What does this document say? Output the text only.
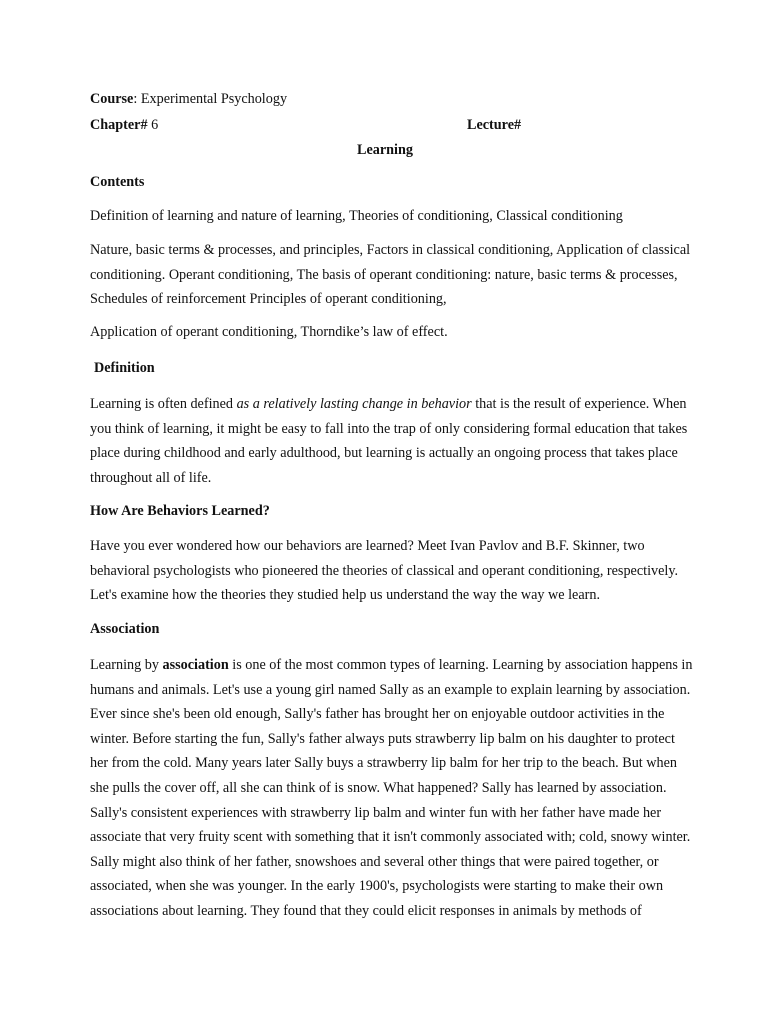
Course: Experimental Psychology
Chapter# 6	Lecture#
Learning
Contents
Definition of learning and nature of learning, Theories of conditioning, Classical conditioning
Nature, basic terms & processes, and principles, Factors in classical conditioning, Application of classical
conditioning. Operant conditioning, The basis of operant conditioning: nature, basic terms & processes,
Schedules of reinforcement Principles of operant conditioning,
Application of operant conditioning, Thorndike’s law of effect.
Definition
Learning is often defined as a relatively lasting change in behavior that is the result of experience. When
you think of learning, it might be easy to fall into the trap of only considering formal education that takes
place during childhood and early adulthood, but learning is actually an ongoing process that takes place
throughout all of life.
How Are Behaviors Learned?
Have you ever wondered how our behaviors are learned? Meet Ivan Pavlov and B.F. Skinner, two
behavioral psychologists who pioneered the theories of classical and operant conditioning, respectively.
Let's examine how the theories they studied help us understand the way the way we learn.
Association
Learning by association is one of the most common types of learning. Learning by association happens in
humans and animals. Let's use a young girl named Sally as an example to explain learning by association.
Ever since she's been old enough, Sally's father has brought her on enjoyable outdoor activities in the
winter. Before starting the fun, Sally's father always puts strawberry lip balm on his daughter to protect
her from the cold. Many years later Sally buys a strawberry lip balm for her trip to the beach. But when
she pulls the cover off, all she can think of is snow. What happened? Sally has learned by association.
Sally's consistent experiences with strawberry lip balm and winter fun with her father have made her
associate that very fruity scent with something that it isn't commonly associated with; cold, snowy winter.
Sally might also think of her father, snowshoes and several other things that were paired together, or
associated, when she was younger. In the early 1900's, psychologists were starting to make their own
associations about learning. They found that they could elicit responses in animals by methods of
